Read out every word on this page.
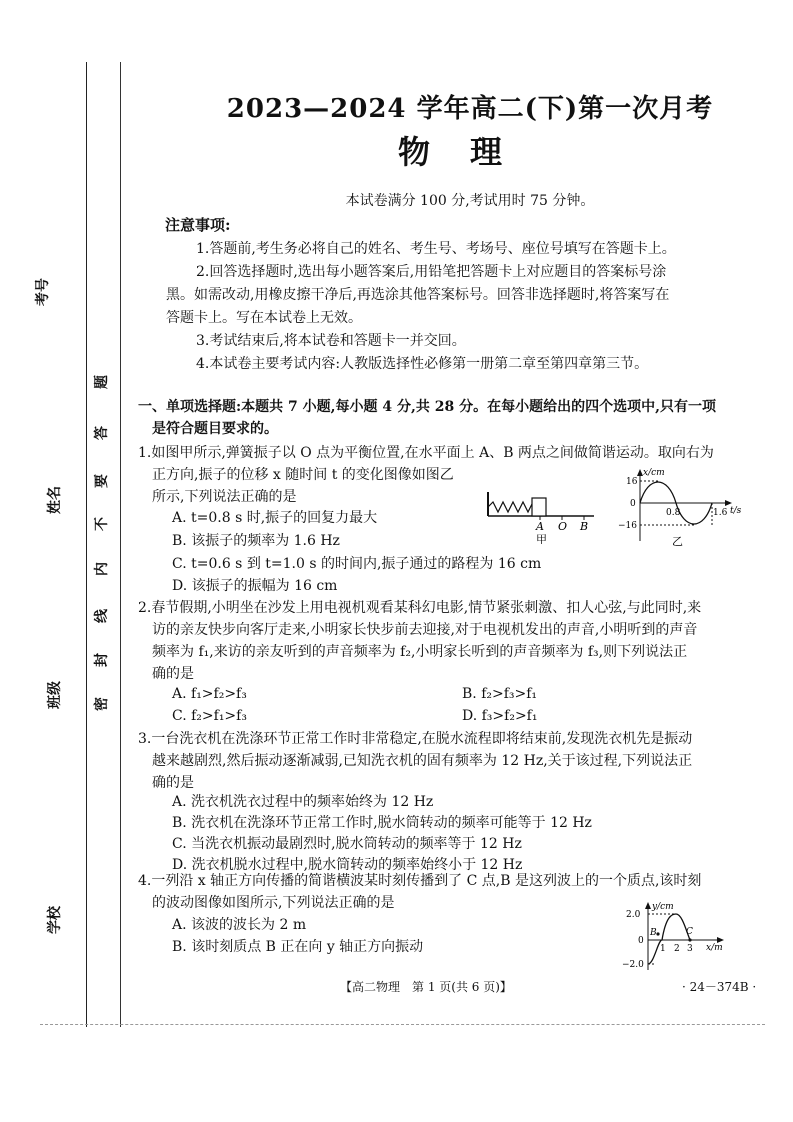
考号
姓名
班级
学校
题
答
要
不
内
线
封
密
2023—2024 学年高二(下)第一次月考
物理
本试卷满分 100 分,考试用时 75 分钟。
注意事项:
1.答题前,考生务必将自己的姓名、考生号、考场号、座位号填写在答题卡上。
2.回答选择题时,选出每小题答案后,用铅笔把答题卡上对应题目的答案标号涂
黑。如需改动,用橡皮擦干净后,再选涂其他答案标号。回答非选择题时,将答案写在
答题卡上。写在本试卷上无效。
3.考试结束后,将本试卷和答题卡一并交回。
4.本试卷主要考试内容:人教版选择性必修第一册第二章至第四章第三节。
一、单项选择题:本题共 7 小题,每小题 4 分,共 28 分。在每小题给出的四个选项中,只有一项
是符合题目要求的。
1.如图甲所示,弹簧振子以 O 点为平衡位置,在水平面上 A、B 两点之间做简谐运动。取向右为
正方向,振子的位移 x 随时间 t 的变化图像如图乙
所示,下列说法正确的是
A. t=0.8 s 时,振子的回复力最大
B. 该振子的频率为 1.6 Hz
C. t=0.6 s 到 t=1.0 s 的时间内,振子通过的路程为 16 cm
D. 该振子的振幅为 16 cm
A O B
甲
x/cm
t/s
16
0
−16
0.8	1.6
乙
2.春节假期,小明坐在沙发上用电视机观看某科幻电影,情节紧张刺激、扣人心弦,与此同时,来
访的亲友快步向客厅走来,小明家长快步前去迎接,对于电视机发出的声音,小明听到的声音
频率为 f₁,来访的亲友听到的声音频率为 f₂,小明家长听到的声音频率为 f₃,则下列说法正
确的是
A. f₁>f₂>f₃	B. f₂>f₃>f₁
C. f₂>f₁>f₃	D. f₃>f₂>f₁
3.一台洗衣机在洗涤环节正常工作时非常稳定,在脱水流程即将结束前,发现洗衣机先是振动
越来越剧烈,然后振动逐渐减弱,已知洗衣机的固有频率为 12 Hz,关于该过程,下列说法正
确的是
A. 洗衣机洗衣过程中的频率始终为 12 Hz
B. 洗衣机在洗涤环节正常工作时,脱水筒转动的频率可能等于 12 Hz
C. 当洗衣机振动最剧烈时,脱水筒转动的频率等于 12 Hz
D. 洗衣机脱水过程中,脱水筒转动的频率始终小于 12 Hz
4.一列沿 x 轴正方向传播的简谐横波某时刻传播到了 C 点,B 是这列波上的一个质点,该时刻
的波动图像如图所示,下列说法正确的是
A. 该波的波长为 2 m
B. 该时刻质点 B 正在向 y 轴正方向振动
y/cm
x/m
2.0
0
−2.0
1 2 3
B	C
【高二物理　第 1 页(共 6 页)】	· 24－374B ·
